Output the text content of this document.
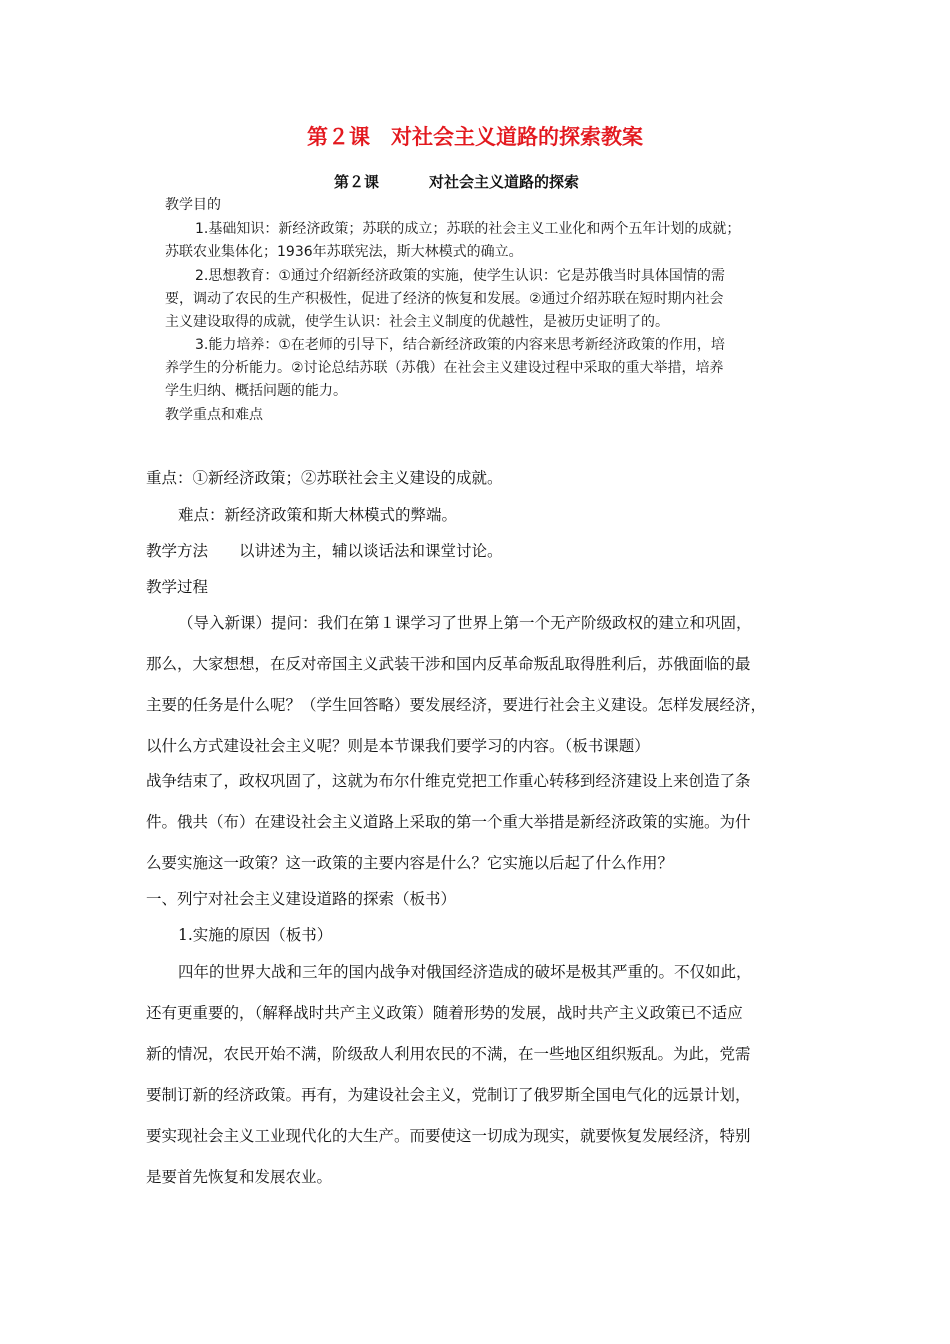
第２课　对社会主义道路的探索教案
第２课	对社会主义道路的探索
教学目的
1.基础知识：新经济政策；苏联的成立；苏联的社会主义工业化和两个五年计划的成就；
苏联农业集体化；1936年苏联宪法，斯大林模式的确立。
2.思想教育：①通过介绍新经济政策的实施，使学生认识：它是苏俄当时具体国情的需
要，调动了农民的生产积极性，促进了经济的恢复和发展。②通过介绍苏联在短时期内社会
主义建设取得的成就，使学生认识：社会主义制度的优越性，是被历史证明了的。
3.能力培养：①在老师的引导下，结合新经济政策的内容来思考新经济政策的作用，培
养学生的分析能力。②讨论总结苏联（苏俄）在社会主义建设过程中采取的重大举措，培养
学生归纳、概括问题的能力。
教学重点和难点
重点：①新经济政策；②苏联社会主义建设的成就。
难点：新经济政策和斯大林模式的弊端。
教学方法　　以讲述为主，辅以谈话法和课堂讨论。
教学过程
（导入新课）提问：我们在第１课学习了世界上第一个无产阶级政权的建立和巩固，
那么，大家想想，在反对帝国主义武装干涉和国内反革命叛乱取得胜利后，苏俄面临的最
主要的任务是什么呢？（学生回答略）要发展经济，要进行社会主义建设。怎样发展经济，
以什么方式建设社会主义呢？则是本节课我们要学习的内容。（板书课题）
战争结束了，政权巩固了，这就为布尔什维克党把工作重心转移到经济建设上来创造了条
件。俄共（布）在建设社会主义道路上采取的第一个重大举措是新经济政策的实施。为什
么要实施这一政策？这一政策的主要内容是什么？它实施以后起了什么作用？
一、列宁对社会主义建设道路的探索（板书）
1.实施的原因（板书）
四年的世界大战和三年的国内战争对俄国经济造成的破坏是极其严重的。不仅如此，
还有更重要的，（解释战时共产主义政策）随着形势的发展，战时共产主义政策已不适应
新的情况，农民开始不满，阶级敌人利用农民的不满，在一些地区组织叛乱。为此，党需
要制订新的经济政策。再有，为建设社会主义，党制订了俄罗斯全国电气化的远景计划，
要实现社会主义工业现代化的大生产。而要使这一切成为现实，就要恢复发展经济，特别
是要首先恢复和发展农业。
